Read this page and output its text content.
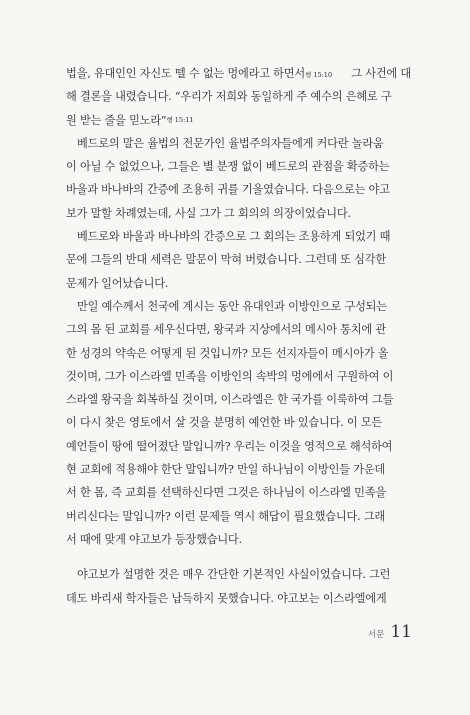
법을, 유대인인 자신도 뗄 수 없는 멍에라고 하면서행 15:10 그 사건에 대
해 결론을 내렸습니다. “우리가 저희와 동일하게 주 예수의 은혜로 구
원 받는 줄을 믿노라” 행 15:11
베드로의 말은 율법의 전문가인 율법주의자들에게 커다란 놀라움
이 아닐 수 없었으나, 그들은 별 분쟁 없이 베드로의 관점을 확증하는
바울과 바나바의 간증에 조용히 귀를 기울였습니다. 다음으로는 야고
보가 말할 차례였는데, 사실 그가 그 회의의 의장이었습니다.
베드로와 바울과 바나바의 간증으로 그 회의는 조용하게 되었기 때
문에 그들의 반대 세력은 말문이 막혀 버렸습니다. 그런데 또 심각한
문제가 일어났습니다.
만일 예수께서 천국에 계시는 동안 유대인과 이방인으로 구성되는
그의 몸 된 교회를 세우신다면, 왕국과 지상에서의 메시아 통치에 관
한 성경의 약속은 어떻게 된 것입니까? 모든 선지자들이 메시아가 올
것이며, 그가 이스라엘 민족을 이방인의 속박의 멍에에서 구원하여 이
스라엘 왕국을 회복하실 것이며, 이스라엘은 한 국가를 이룩하여 그들
이 다시 찾은 영토에서 살 것을 분명히 예언한 바 있습니다. 이 모든
예언들이 땅에 떨어졌단 말입니까? 우리는 이것을 영적으로 해석하여
현 교회에 적용해야 한단 말입니까? 만일 하나님이 이방인들 가운데
서 한 몸, 즉 교회를 선택하신다면 그것은 하나님이 이스라엘 민족을
버리신다는 말입니까? 이런 문제들 역시 해답이 필요했습니다. 그래
서 때에 맞게 야고보가 등장했습니다.
야고보가 설명한 것은 매우 간단한 기본적인 사실이었습니다. 그런
데도 바리새 학자들은 납득하지 못했습니다. 야고보는 이스라엘에게
서문 11
